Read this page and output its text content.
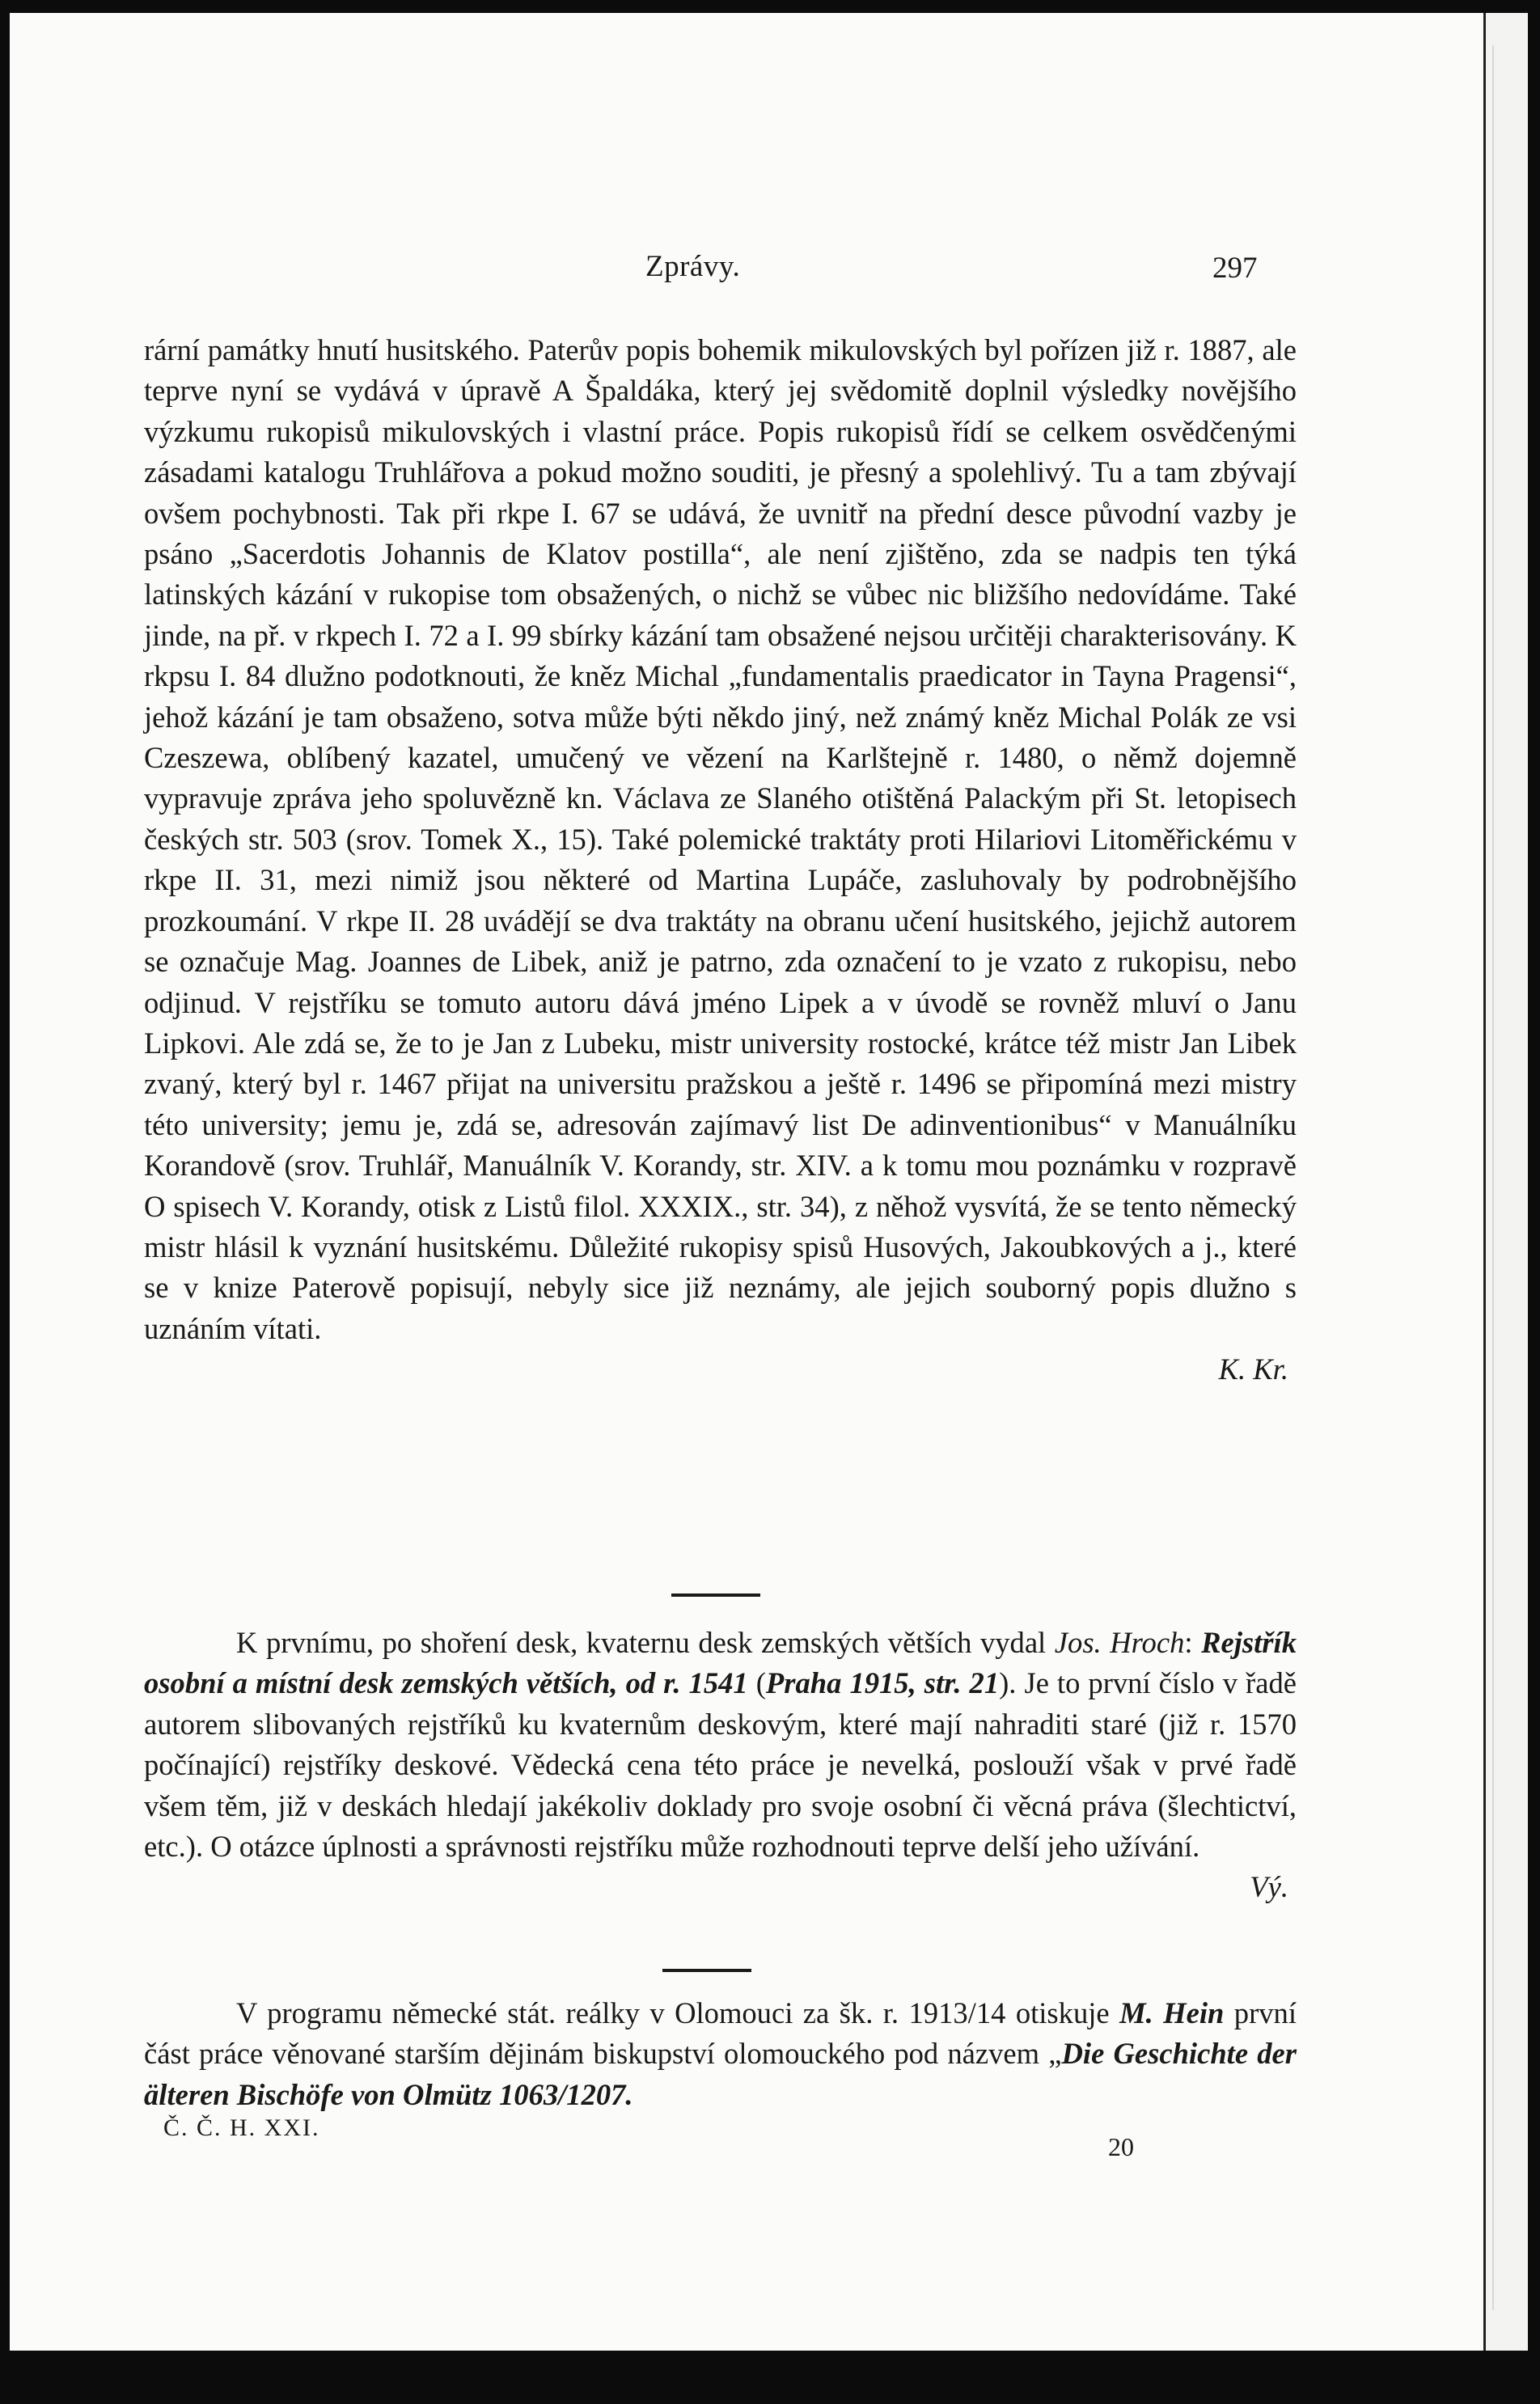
Zprávy.	297

rární památky hnutí husitského. Paterův popis bohemik mikulovských byl pořízen již r. 1887, ale teprve nyní se vydává v úpravě A Špaldáka, který jej svědomitě doplnil výsledky novějšího výzkumu rukopisů mikulovských i vlastní práce. Popis rukopisů řídí se celkem osvědčenými zásadami katalogu Truhlářova a pokud možno souditi, je přesný a spolehlivý. Tu a tam zbývají ovšem pochybnosti. Tak při rkpe I. 67 se udává, že uvnitř na přední desce původní vazby je psáno „Sacerdotis Johannis de Klatov postilla“, ale není zjištěno, zda se nadpis ten týká latinských kázání v rukopise tom obsažených, o nichž se vůbec nic bližšího nedovídáme. Také jinde, na př. v rkpech I. 72 a I. 99 sbírky kázání tam obsažené nejsou určitěji charakterisovány. K rkpsu I. 84 dlužno podotknouti, že kněz Michal „fundamentalis praedicator in Tayna Pragensi“, jehož kázání je tam obsaženo, sotva může býti někdo jiný, než známý kněz Michal Polák ze vsi Czeszewa, oblíbený kazatel, umučený ve vězení na Karlštejně r. 1480, o němž dojemně vypravuje zpráva jeho spoluvězně kn. Václava ze Slaného otištěná Palackým při St. letopisech českých str. 503 (srov. Tomek X., 15). Také polemické traktáty proti Hilariovi Litoměřickému v rkpe II. 31, mezi nimiž jsou některé od Martina Lupáče, zasluhovaly by podrobnějšího prozkoumání. V rkpe II. 28 uvádějí se dva traktáty na obranu učení husitského, jejichž autorem se označuje Mag. Joannes de Libek, aniž je patrno, zda označení to je vzato z rukopisu, nebo odjinud. V rejstříku se tomuto autoru dává jméno Lipek a v úvodě se rovněž mluví o Janu Lipkovi. Ale zdá se, že to je Jan z Lubeku, mistr university rostocké, krátce též mistr Jan Libek zvaný, který byl r. 1467 přijat na universitu pražskou a ještě r. 1496 se připomíná mezi mistry této university; jemu je, zdá se, adresován zajímavý list De adinventionibus“ v Manuálníku Korandově (srov. Truhlář, Manuálník V. Korandy, str. XIV. a k tomu mou poznámku v rozpravě O spisech V. Korandy, otisk z Listů filol. XXXIX., str. 34), z něhož vysvítá, že se tento německý mistr hlásil k vyznání husitskému. Důležité rukopisy spisů Husových, Jakoubkových a j., které se v knize Paterově popisují, nebyly sice již neznámy, ale jejich souborný popis dlužno s uznáním vítati.

K. Kr.

K prvnímu, po shoření desk, kvaternu desk zemských větších vydal Jos. Hroch: Rejstřík osobní a místní desk zemských větších, od r. 1541 (Praha 1915, str. 21). Je to první číslo v řadě autorem slibovaných rejstříků ku kvaternům deskovým, které mají nahraditi staré (již r. 1570 počínající) rejstříky deskové. Vědecká cena této práce je nevelká, poslouží však v prvé řadě všem těm, již v deskách hledají jakékoliv doklady pro svoje osobní či věcná práva (šlechtictví, etc.). O otázce úplnosti a správnosti rejstříku může rozhodnouti teprve delší jeho užívání.
Vý.

V programu německé stát. reálky v Olomouci za šk. r. 1913/14 otiskuje M. Hein první část práce věnované starším dějinám biskupství olomouckého pod názvem „Die Geschichte der älteren Bischöfe von Olmütz 1063/1207.

Č. Č. H. XXI.
20
